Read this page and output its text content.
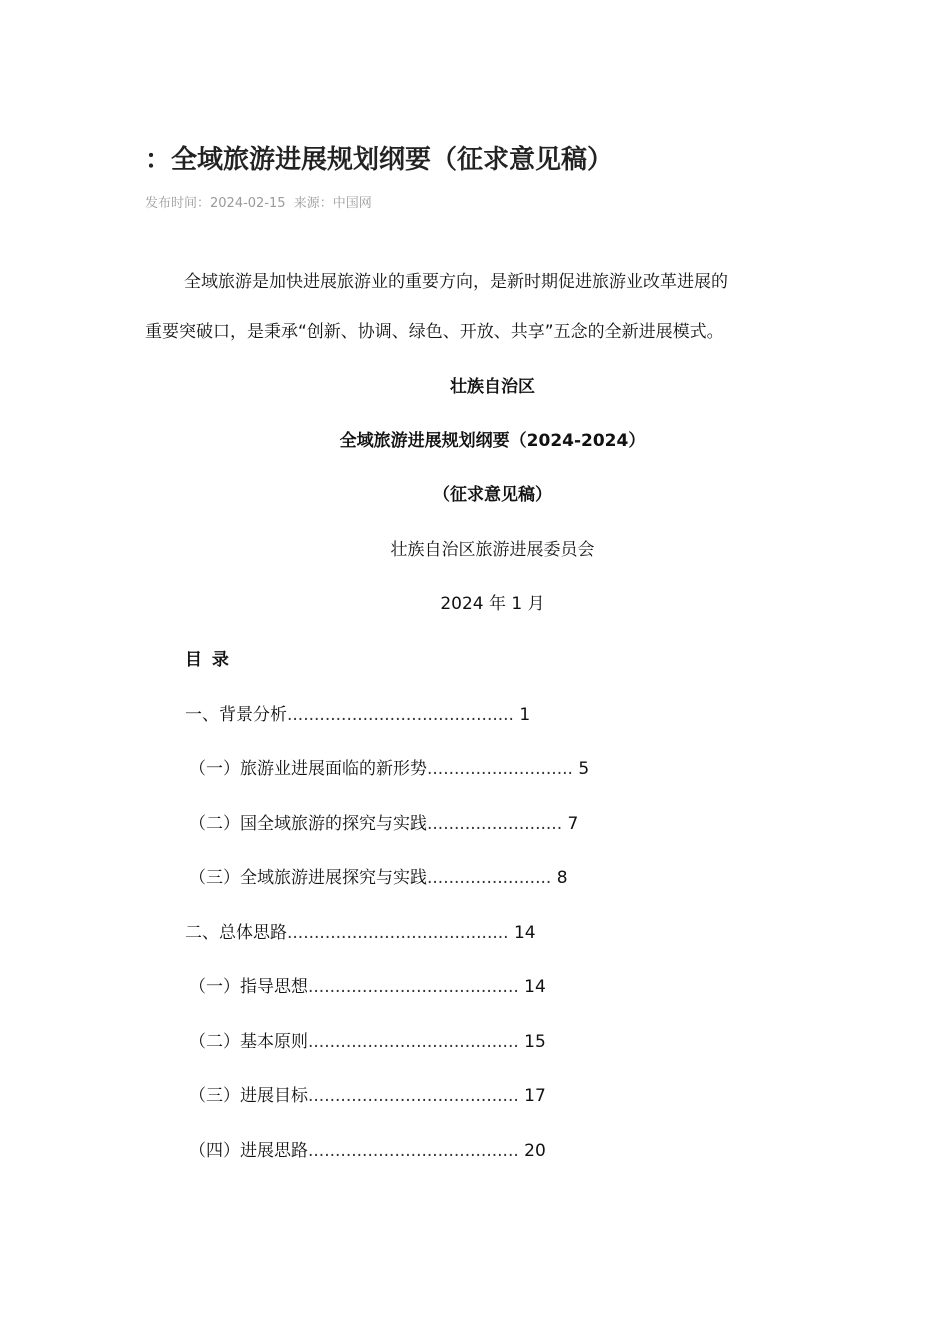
：全域旅游进展规划纲要（征求意见稿）
发布时间：2024-02-15 来源：中国网
全域旅游是加快进展旅游业的重要方向，是新时期促进旅游业改革进展的
重要突破口，是秉承“创新、协调、绿色、开放、共享”五念的全新进展模式。
壮族自治区
全域旅游进展规划纲要（2024-2024）
（征求意见稿）
壮族自治区旅游进展委员会
2024 年 1 月
目 录
一、背景分析.......................................... 1
（一）旅游业进展面临的新形势........................... 5
（二）国全域旅游的探究与实践......................... 7
（三）全域旅游进展探究与实践....................... 8
二、总体思路......................................... 14
（一）指导思想....................................... 14
（二）基本原则....................................... 15
（三）进展目标....................................... 17
（四）进展思路....................................... 20
